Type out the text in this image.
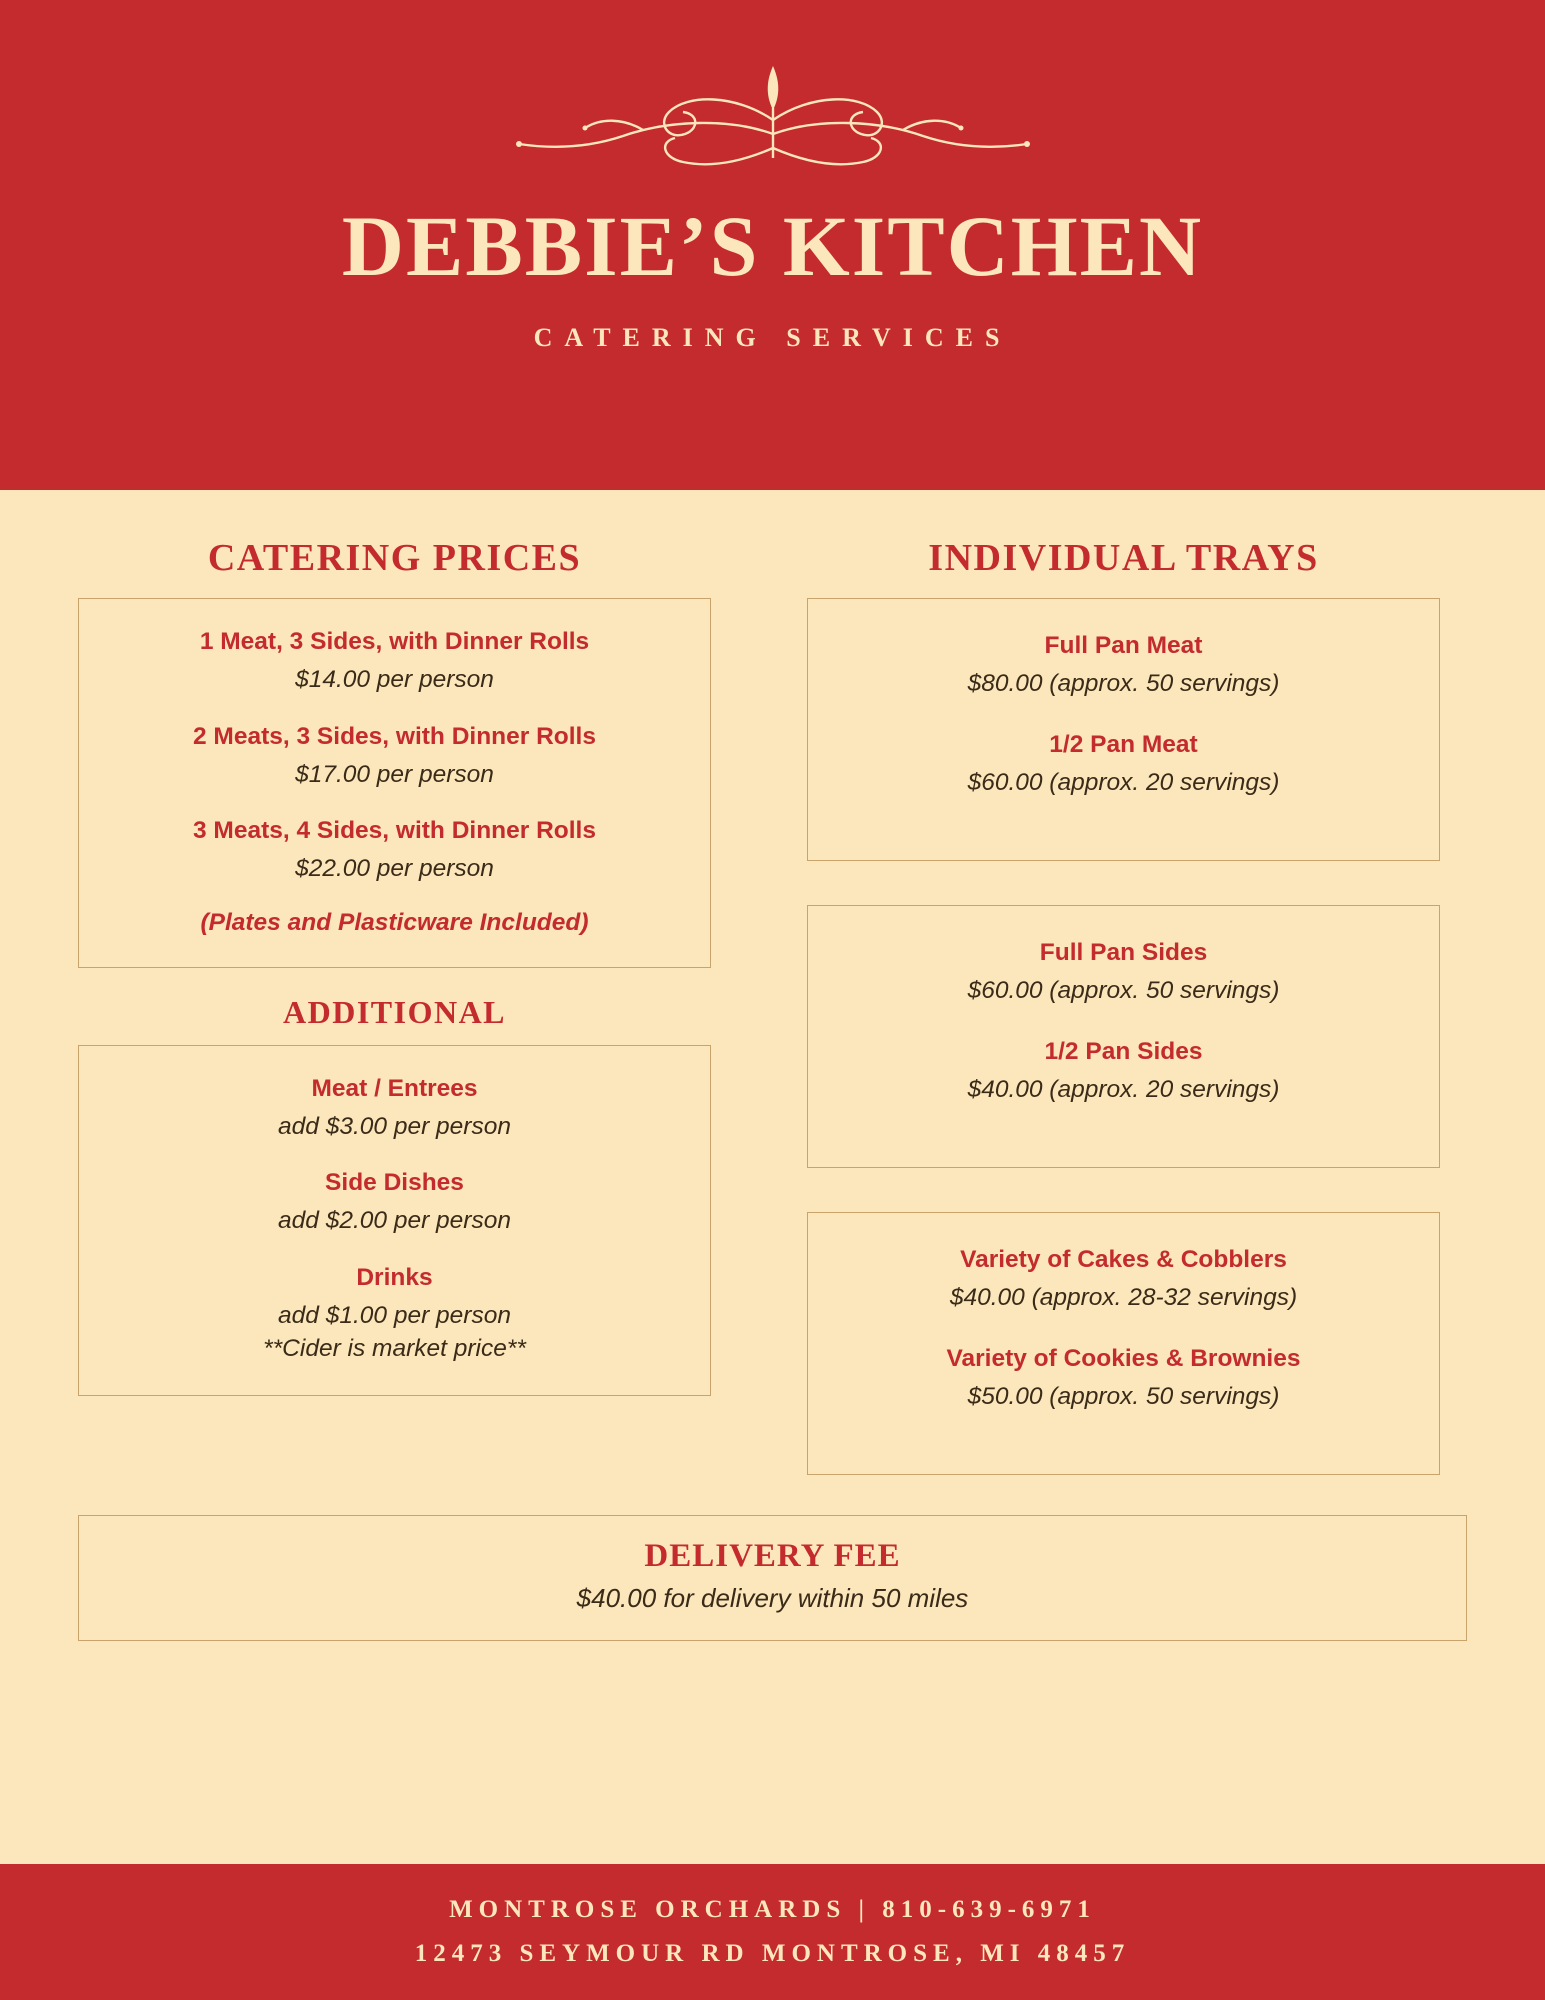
DEBBIE’S KITCHEN
CATERING SERVICES
CATERING PRICES
1 Meat, 3 Sides, with Dinner Rolls
$14.00 per person
2 Meats, 3 Sides, with Dinner Rolls
$17.00 per person
3 Meats, 4 Sides, with Dinner Rolls
$22.00 per person
(Plates and Plasticware Included)
ADDITIONAL
Meat / Entrees
add $3.00 per person
Side Dishes
add $2.00 per person
Drinks
add $1.00 per person
**Cider is market price**
INDIVIDUAL TRAYS
Full Pan Meat
$80.00 (approx. 50 servings)
1/2 Pan Meat
$60.00 (approx. 20 servings)
Full Pan Sides
$60.00 (approx. 50 servings)
1/2 Pan Sides
$40.00 (approx. 20 servings)
Variety of Cakes & Cobblers
$40.00 (approx. 28-32 servings)
Variety of Cookies & Brownies
$50.00 (approx. 50 servings)
DELIVERY FEE
$40.00 for delivery within 50 miles
MONTROSE ORCHARDS | 810-639-6971
12473 SEYMOUR RD MONTROSE, MI 48457
